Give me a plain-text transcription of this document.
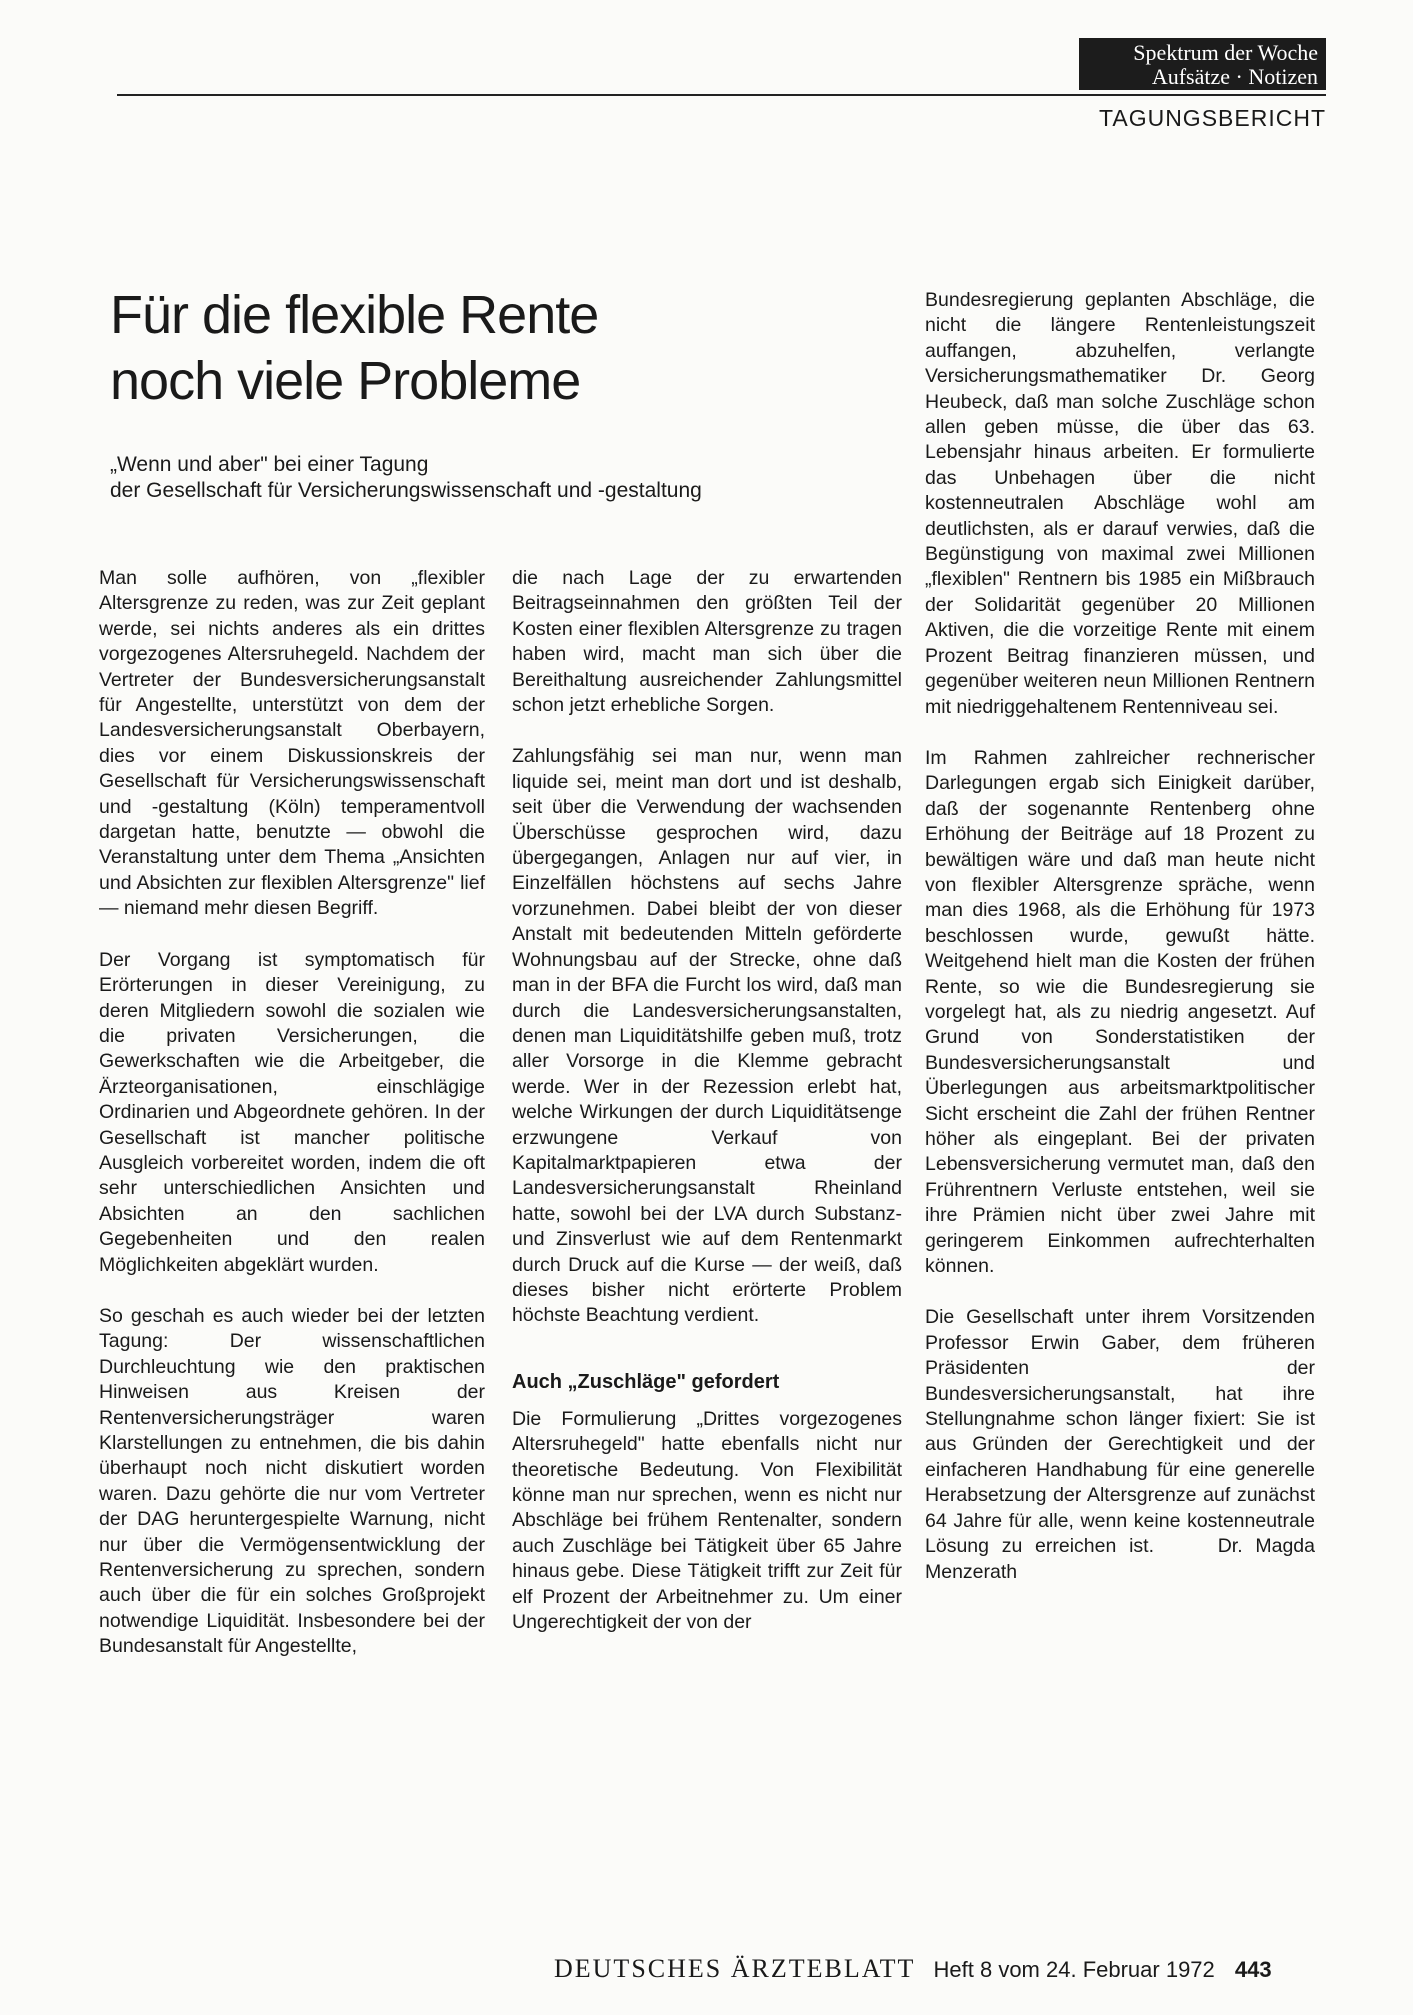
Spektrum der Woche
Aufsätze · Notizen
TAGUNGSBERICHT
Für die flexible Rente
noch viele Probleme
„Wenn und aber" bei einer Tagung
der Gesellschaft für Versicherungswissenschaft und -gestaltung

Man solle aufhören, von „flexibler Altersgrenze zu reden, was zur Zeit geplant werde, sei nichts anderes als ein drittes vorgezogenes Altersruhegeld. Nachdem der Vertreter der Bundesversicherungsanstalt für Angestellte, unterstützt von dem der Landesversicherungsanstalt Oberbayern, dies vor einem Diskussionskreis der Gesellschaft für Versicherungswissenschaft und -gestaltung (Köln) temperamentvoll dargetan hatte, benutzte — obwohl die Veranstaltung unter dem Thema „Ansichten und Absichten zur flexiblen Altersgrenze" lief — niemand mehr diesen Begriff.

Der Vorgang ist symptomatisch für Erörterungen in dieser Vereinigung, zu deren Mitgliedern sowohl die sozialen wie die privaten Versicherungen, die Gewerkschaften wie die Arbeitgeber, die Ärzteorganisationen, einschlägige Ordinarien und Abgeordnete gehören. In der Gesellschaft ist mancher politische Ausgleich vorbereitet worden, indem die oft sehr unterschiedlichen Ansichten und Absichten an den sachlichen Gegebenheiten und den realen Möglichkeiten abgeklärt wurden.

So geschah es auch wieder bei der letzten Tagung: Der wissenschaftlichen Durchleuchtung wie den praktischen Hinweisen aus Kreisen der Rentenversicherungsträger waren Klarstellungen zu entnehmen, die bis dahin überhaupt noch nicht diskutiert worden waren. Dazu gehörte die nur vom Vertreter der DAG heruntergespielte Warnung, nicht nur über die Vermögensentwicklung der Rentenversicherung zu sprechen, sondern auch über die für ein solches Großprojekt notwendige Liquidität. Insbesondere bei der Bundesanstalt für Angestellte,

die nach Lage der zu erwartenden Beitragseinnahmen den größten Teil der Kosten einer flexiblen Altersgrenze zu tragen haben wird, macht man sich über die Bereithaltung ausreichender Zahlungsmittel schon jetzt erhebliche Sorgen.

Zahlungsfähig sei man nur, wenn man liquide sei, meint man dort und ist deshalb, seit über die Verwendung der wachsenden Überschüsse gesprochen wird, dazu übergegangen, Anlagen nur auf vier, in Einzelfällen höchstens auf sechs Jahre vorzunehmen. Dabei bleibt der von dieser Anstalt mit bedeutenden Mitteln geförderte Wohnungsbau auf der Strecke, ohne daß man in der BFA die Furcht los wird, daß man durch die Landesversicherungsanstalten, denen man Liquiditätshilfe geben muß, trotz aller Vorsorge in die Klemme gebracht werde. Wer in der Rezession erlebt hat, welche Wirkungen der durch Liquiditätsenge erzwungene Verkauf von Kapitalmarktpapieren etwa der Landesversicherungsanstalt Rheinland hatte, sowohl bei der LVA durch Substanz- und Zinsverlust wie auf dem Rentenmarkt durch Druck auf die Kurse — der weiß, daß dieses bisher nicht erörterte Problem höchste Beachtung verdient.

Auch „Zuschläge" gefordert

Die Formulierung „Drittes vorgezogenes Altersruhegeld" hatte ebenfalls nicht nur theoretische Bedeutung. Von Flexibilität könne man nur sprechen, wenn es nicht nur Abschläge bei frühem Rentenalter, sondern auch Zuschläge bei Tätigkeit über 65 Jahre hinaus gebe. Diese Tätigkeit trifft zur Zeit für elf Prozent der Arbeitnehmer zu. Um einer Ungerechtigkeit der von der

Bundesregierung geplanten Abschläge, die nicht die längere Rentenleistungszeit auffangen, abzuhelfen, verlangte Versicherungsmathematiker Dr. Georg Heubeck, daß man solche Zuschläge schon allen geben müsse, die über das 63. Lebensjahr hinaus arbeiten. Er formulierte das Unbehagen über die nicht kostenneutralen Abschläge wohl am deutlichsten, als er darauf verwies, daß die Begünstigung von maximal zwei Millionen „flexiblen" Rentnern bis 1985 ein Mißbrauch der Solidarität gegenüber 20 Millionen Aktiven, die die vorzeitige Rente mit einem Prozent Beitrag finanzieren müssen, und gegenüber weiteren neun Millionen Rentnern mit niedriggehaltenem Rentenniveau sei.

Im Rahmen zahlreicher rechnerischer Darlegungen ergab sich Einigkeit darüber, daß der sogenannte Rentenberg ohne Erhöhung der Beiträge auf 18 Prozent zu bewältigen wäre und daß man heute nicht von flexibler Altersgrenze spräche, wenn man dies 1968, als die Erhöhung für 1973 beschlossen wurde, gewußt hätte. Weitgehend hielt man die Kosten der frühen Rente, so wie die Bundesregierung sie vorgelegt hat, als zu niedrig angesetzt. Auf Grund von Sonderstatistiken der Bundesversicherungsanstalt und Überlegungen aus arbeitsmarktpolitischer Sicht erscheint die Zahl der frühen Rentner höher als eingeplant. Bei der privaten Lebensversicherung vermutet man, daß den Frührentnern Verluste entstehen, weil sie ihre Prämien nicht über zwei Jahre mit geringerem Einkommen aufrechterhalten können.

Die Gesellschaft unter ihrem Vorsitzenden Professor Erwin Gaber, dem früheren Präsidenten der Bundesversicherungsanstalt, hat ihre Stellungnahme schon länger fixiert: Sie ist aus Gründen der Gerechtigkeit und der einfacheren Handhabung für eine generelle Herabsetzung der Altersgrenze auf zunächst 64 Jahre für alle, wenn keine kostenneutrale Lösung zu erreichen ist.     Dr. Magda Menzerath

DEUTSCHES ÄRZTEBLATT Heft 8 vom 24. Februar 1972 443
